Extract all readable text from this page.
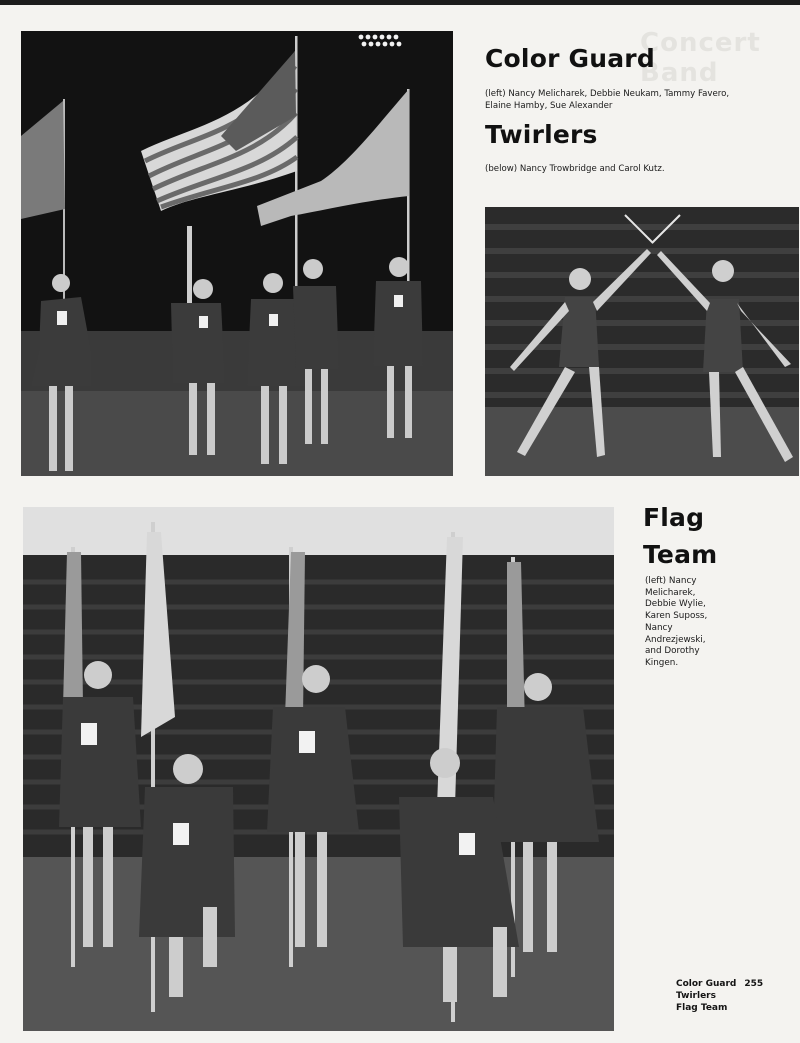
Concert Band
Color Guard
(left) Nancy Melicharek, Debbie Neukam, Tammy Favero, Elaine Hamby, Sue Alexander
Twirlers
(below) Nancy Trowbridge and Carol Kutz.
Flag
Team
(left) Nancy Melicharek, Debbie Wylie, Karen Suposs, Nancy Andrezjewski, and Dorothy Kingen.
Color Guard 255
Twirlers
Flag Team
